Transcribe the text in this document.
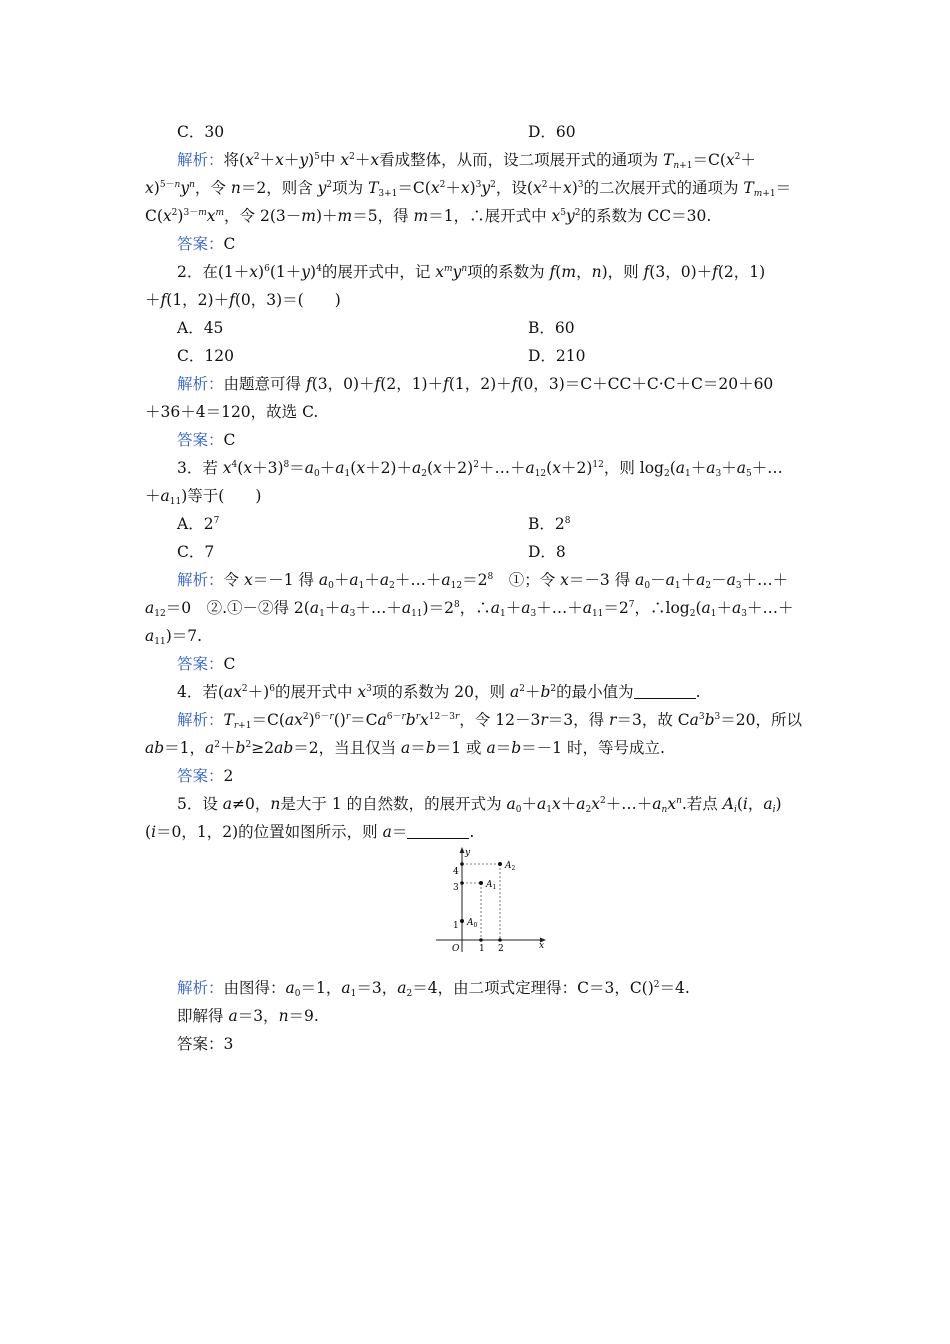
C．30	D．60
解析：将$(x^2+x+y)^5$中 $x^2+x$看成整体，从而，设二项展开式的通项为 $T_{n+1}=C(x^2+$
$x)^{5-n}y^n$，令 n＝2，则含 $y^2$项为 $T_{3+1}=C(x^2+x)^3y^2$，设$(x^2+x)^3$的二次展开式的通项为 $T_{m+1}=$
$C(x^2)^{3-m}x^m$，令 2(3－m)＋m＝5，得 m＝1，∴展开式中 $x^5y^2$的系数为 CC＝30.
答案：C
2．在$(1+x)^6(1+y)^4$的展开式中，记 $x^my^n$项的系数为 f(m，n)，则 f(3，0)＋f(2，1)
＋f(1，2)＋f(0，3)＝(　　)
A．45	B．60
C．120	D．210
解析：由题意可得 f(3，0)＋f(2，1)＋f(1，2)＋f(0，3)＝C＋CC＋C·C＋C＝20＋60
＋36＋4＝120，故选 C.
答案：C
3．若 $x^4(x+3)^8=a_0+a_1(x+2)+a_2(x+2)^2+\dots+a_{12}(x+2)^{12}$，则 $\log_2(a_1+a_3+a_5+\dots$
$+a_{11}$)等于(　　)
A．$2^7$	B．$2^8$
C．7	D．8
解析：令 x＝－1 得 $a_0+a_1+a_2+\dots+a_{12}=2^8$　①；令 x＝－3 得 $a_0-a_1+a_2-a_3+\dots+$
$a_{12}=0$　②.①－②得 $2(a_1+a_3+\dots+a_{11})=2^8$，$\therefore a_1+a_3+\dots+a_{11}=2^7$，$\therefore\log_2(a_1+a_3+\dots+$
$a_{11})=7$.
答案：C
4．若$(ax^2+)^6$的展开式中 $x^3$项的系数为 20，则 $a^2+b^2$的最小值为	.
解析：$T_{r+1}=C(ax^2)^{6-r}()^r=Ca^{6-r}b^rx^{12-3r}$，令 12－3r＝3，得 r＝3，故 $Ca^3b^3=20$，所以
ab＝1，$a^2+b^2\ge 2ab=2$，当且仅当 a＝b＝1 或 a＝b＝－1 时，等号成立.
答案：2
5．设 a≠0，n是大于 1 的自然数，的展开式为 $a_0+a_1x+a_2x^2+\dots+a_nx^n$.若点 $A_i(i$，$a_i$)
(i＝0，1，2)的位置如图所示，则 a＝	.
$A_0$
$A_1$
$A_2$
y
x
O 1 2
1
3
4
解析：由图得：$a_0=1$，$a_1=3$，$a_2=4$，由二项式定理得：C＝3，C()$^2$＝4.
即解得 a＝3，n＝9.
答案：3
